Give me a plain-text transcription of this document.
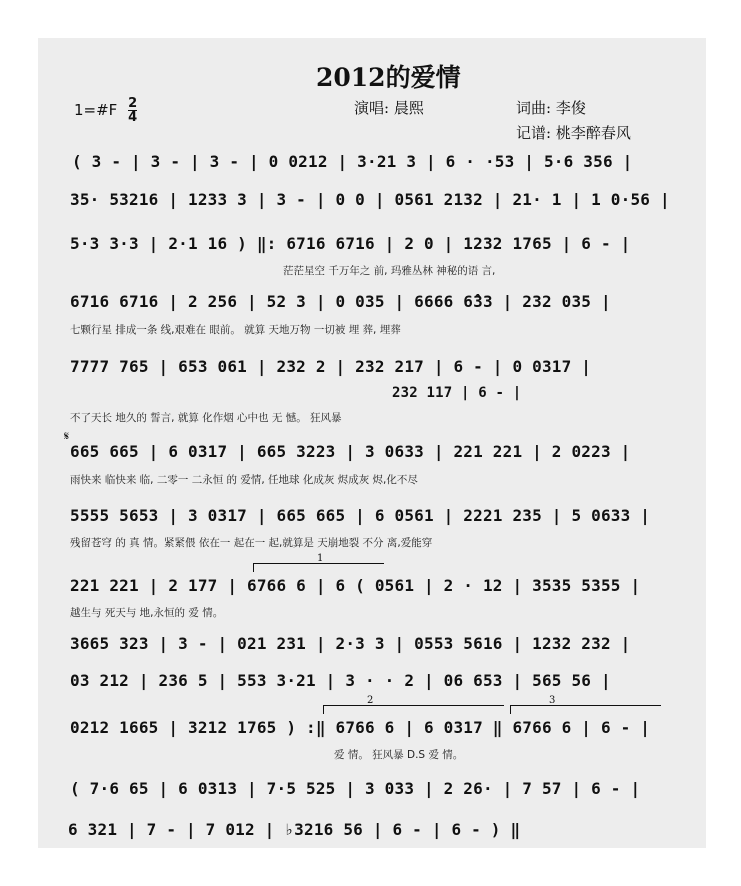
2012的爱情
1=#F $\frac{2}{4}$	演唱: 晨熙	词曲: 李俊
记谱: 桃李醉春风
( 3 - | 3 - | 3 - | 0 0212 | 3·21 3 | 6 · ·53 | 5·6 356 |
35· 53216 | 1233 3 | 3 - | 0 0 | 0561 2132 | 21· 1 | 1 0·56 |
5·3 3·3 | 2·1 16 ) ‖: 6716 6716 | 2 0 | 1232 1765 | 6 - |
茫茫星空 千万年之 前, 玛雅丛林 神秘的语 言,
6716 6716 | 2 256 | 52 3 | 0 035 | 6666 6̂33 | 232 035 |
七颗行星 排成一条 线,艰难在 眼前。 就算 天地万物 一切被 埋 葬, 埋葬
7777 765 | 653 061 | 232 2 | 232 217 | 6 - | 0 0317 |
232 117 | 6 - |
不了天长 地久的 誓言, 就算 化作烟 心中也 无 憾。 狂风暴
𝄋
665 665 | 6 0317 | 665 3223 | 3 0633 | 221 221 | 2 0223 |
雨快来 临快来 临, 二零一 二永恒 的 爱情, 任地球 化成灰 烬成灰 烬,化不尽
5555 5653 | 3 0317 | 665 665 | 6 0561 | 2221 235 | 5 0633 |
残留苍穹 的 真 情。紧紧偎 依在一 起在一 起,就算是 天崩地裂 不分 离,爱能穿
1
221 221 | 2 177 | 6766 6 | 6 ( 0561 | 2 · 12 | 3535 5355 |
越生与 死天与 地,永恒的 爱 情。
3665 323 | 3 - | 021 231 | 2·3 3 | 0553 5616 | 1232 232 |
03 212 | 236 5 | 553 3·21 | 3 · · 2 | 06 653 | 565 56 |
2	3
0212 1665 | 3212 1765 ) :‖ 6766 6 | 6 0317 ‖ 6766 6 | 6 - |
爱 情。 狂风暴 D.S 爱 情。
( 7·6 65 | 6 0313 | 7·5 525 | 3 033 | 2 26· | 7 57 | 6 - |
6 321 | 7 - | 7 012 | ♭3216 56 | 6 - | 6 - ) ‖
